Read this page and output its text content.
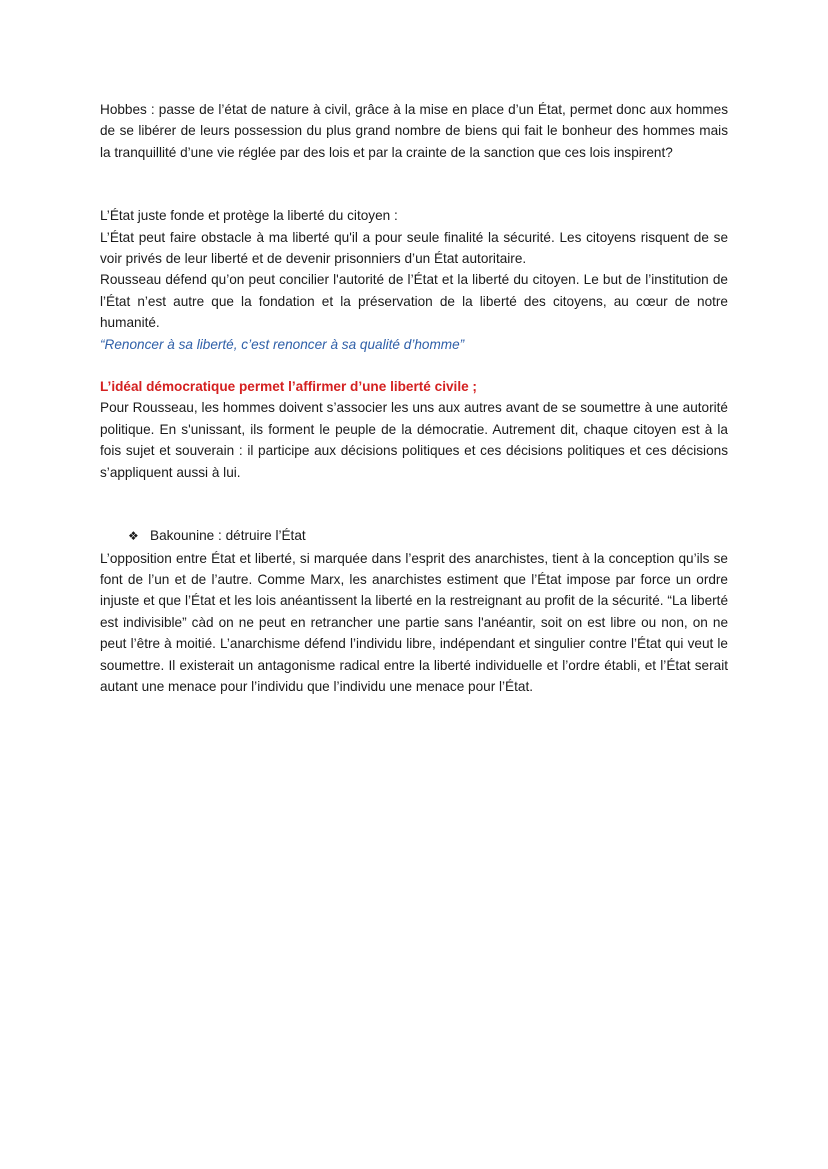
Hobbes : passe de l’état de nature à civil, grâce à la mise en place d’un État, permet donc aux hommes de se libérer de leurs possession du plus grand nombre de biens qui fait le bonheur des hommes mais la tranquillité d’une vie réglée par des lois et par la crainte de la sanction que ces lois inspirent?

L’État juste fonde et protège la liberté du citoyen :

L’État peut faire obstacle à ma liberté qu'il a pour seule finalité la sécurité. Les citoyens risquent de se voir privés de leur liberté et de devenir prisonniers d’un État autoritaire.

Rousseau défend qu’on peut concilier l'autorité de l’État et la liberté du citoyen. Le but de l’institution de l’État n’est autre que la fondation et la préservation de la liberté des citoyens, au cœur de notre humanité.

“Renoncer à sa liberté, c’est renoncer à sa qualité d’homme”

L’idéal démocratique permet l’affirmer d’une liberté civile ;

Pour Rousseau, les hommes doivent s’associer les uns aux autres avant de se soumettre à une autorité politique. En s'unissant, ils forment le peuple de la démocratie. Autrement dit, chaque citoyen est à la fois sujet et souverain : il participe aux décisions politiques et ces décisions politiques et ces décisions s’appliquent aussi à lui.

❖ Bakounine : détruire l’État

L’opposition entre État et liberté, si marquée dans l’esprit des anarchistes, tient à la conception qu’ils se font de l’un et de l’autre. Comme Marx, les anarchistes estiment que l’État impose par force un ordre injuste et que l’État et les lois anéantissent la liberté en la restreignant au profit de la sécurité. “La liberté est indivisible” càd on ne peut en retrancher une partie sans l'anéantir, soit on est libre ou non, on ne peut l’être à moitié. L’anarchisme défend l’individu libre, indépendant et singulier contre l’État qui veut le soumettre. Il existerait un antagonisme radical entre la liberté individuelle et l’ordre établi, et l’État serait autant une menace pour l’individu que l’individu une menace pour l’État.
